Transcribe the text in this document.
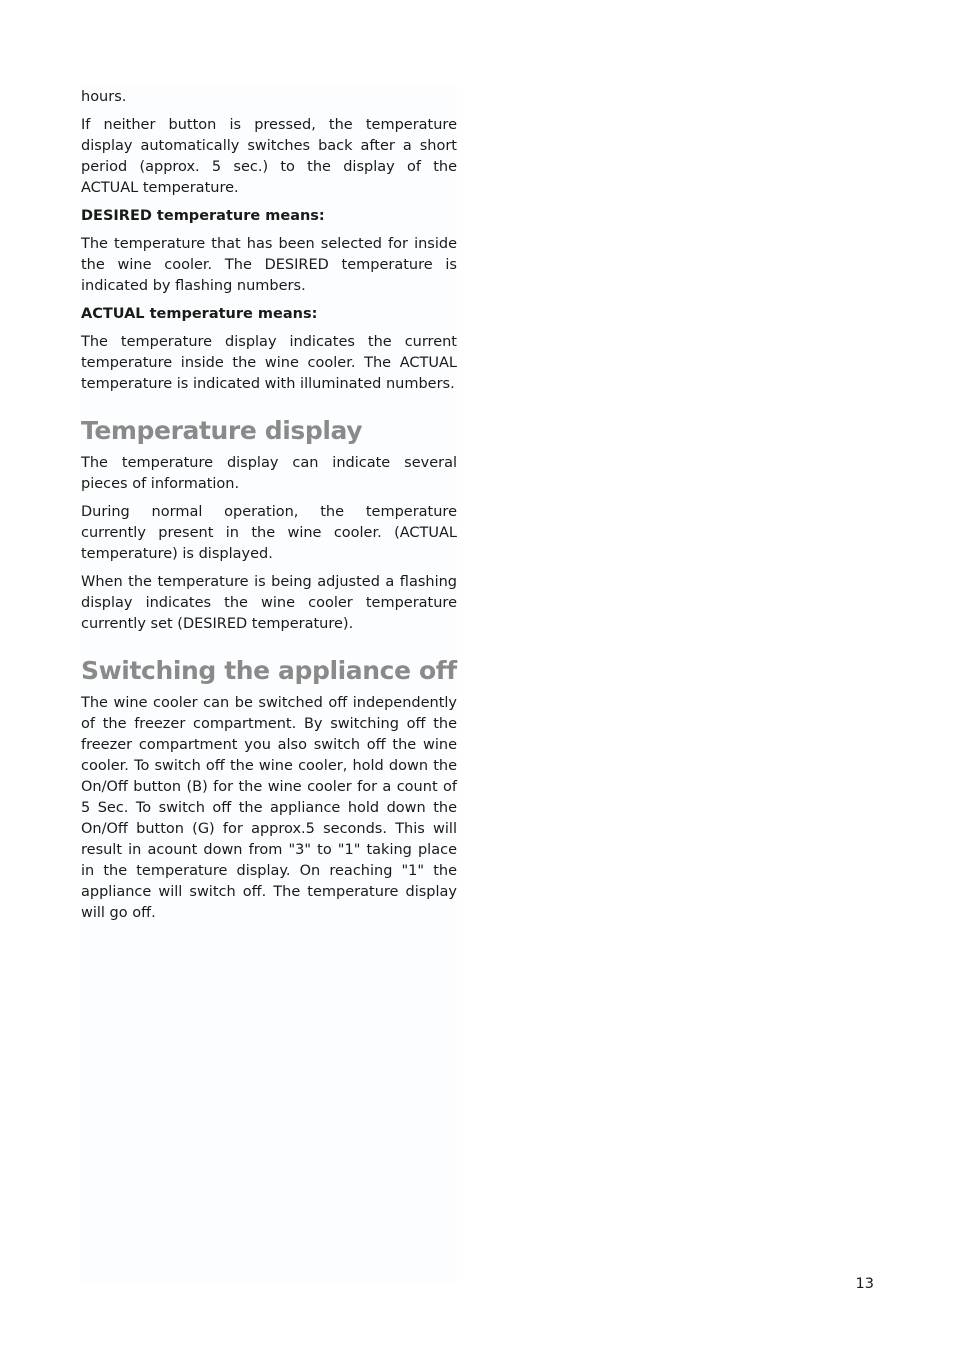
hours.

If neither button is pressed, the temperature display automatically switches back after a short period (approx. 5 sec.) to the display of the ACTUAL temperature.

DESIRED temperature means:

The temperature that has been selected for inside the wine cooler. The DESIRED temperature is indicated by flashing numbers.

ACTUAL temperature means:

The temperature display indicates the current temperature inside the wine cooler. The ACTUAL temperature is indicated with illuminated numbers.

Temperature display

The temperature display can indicate several pieces of information.

During normal operation, the temperature currently present in the wine cooler. (ACTUAL temperature) is displayed.

When the temperature is being adjusted a flashing display indicates the wine cooler temperature currently set (DESIRED temperature).

Switching the appliance off

The wine cooler can be switched off independently of the freezer compartment. By switching off the freezer compartment you also switch off the wine cooler. To switch off the wine cooler, hold down the On/Off button (B) for the wine cooler for a count of 5 Sec. To switch off the appliance hold down the On/Off button (G) for approx.5 seconds. This will result in acount down from "3" to "1" taking place in the temperature display. On reaching "1" the appliance will switch off. The temperature display will go off.

13
